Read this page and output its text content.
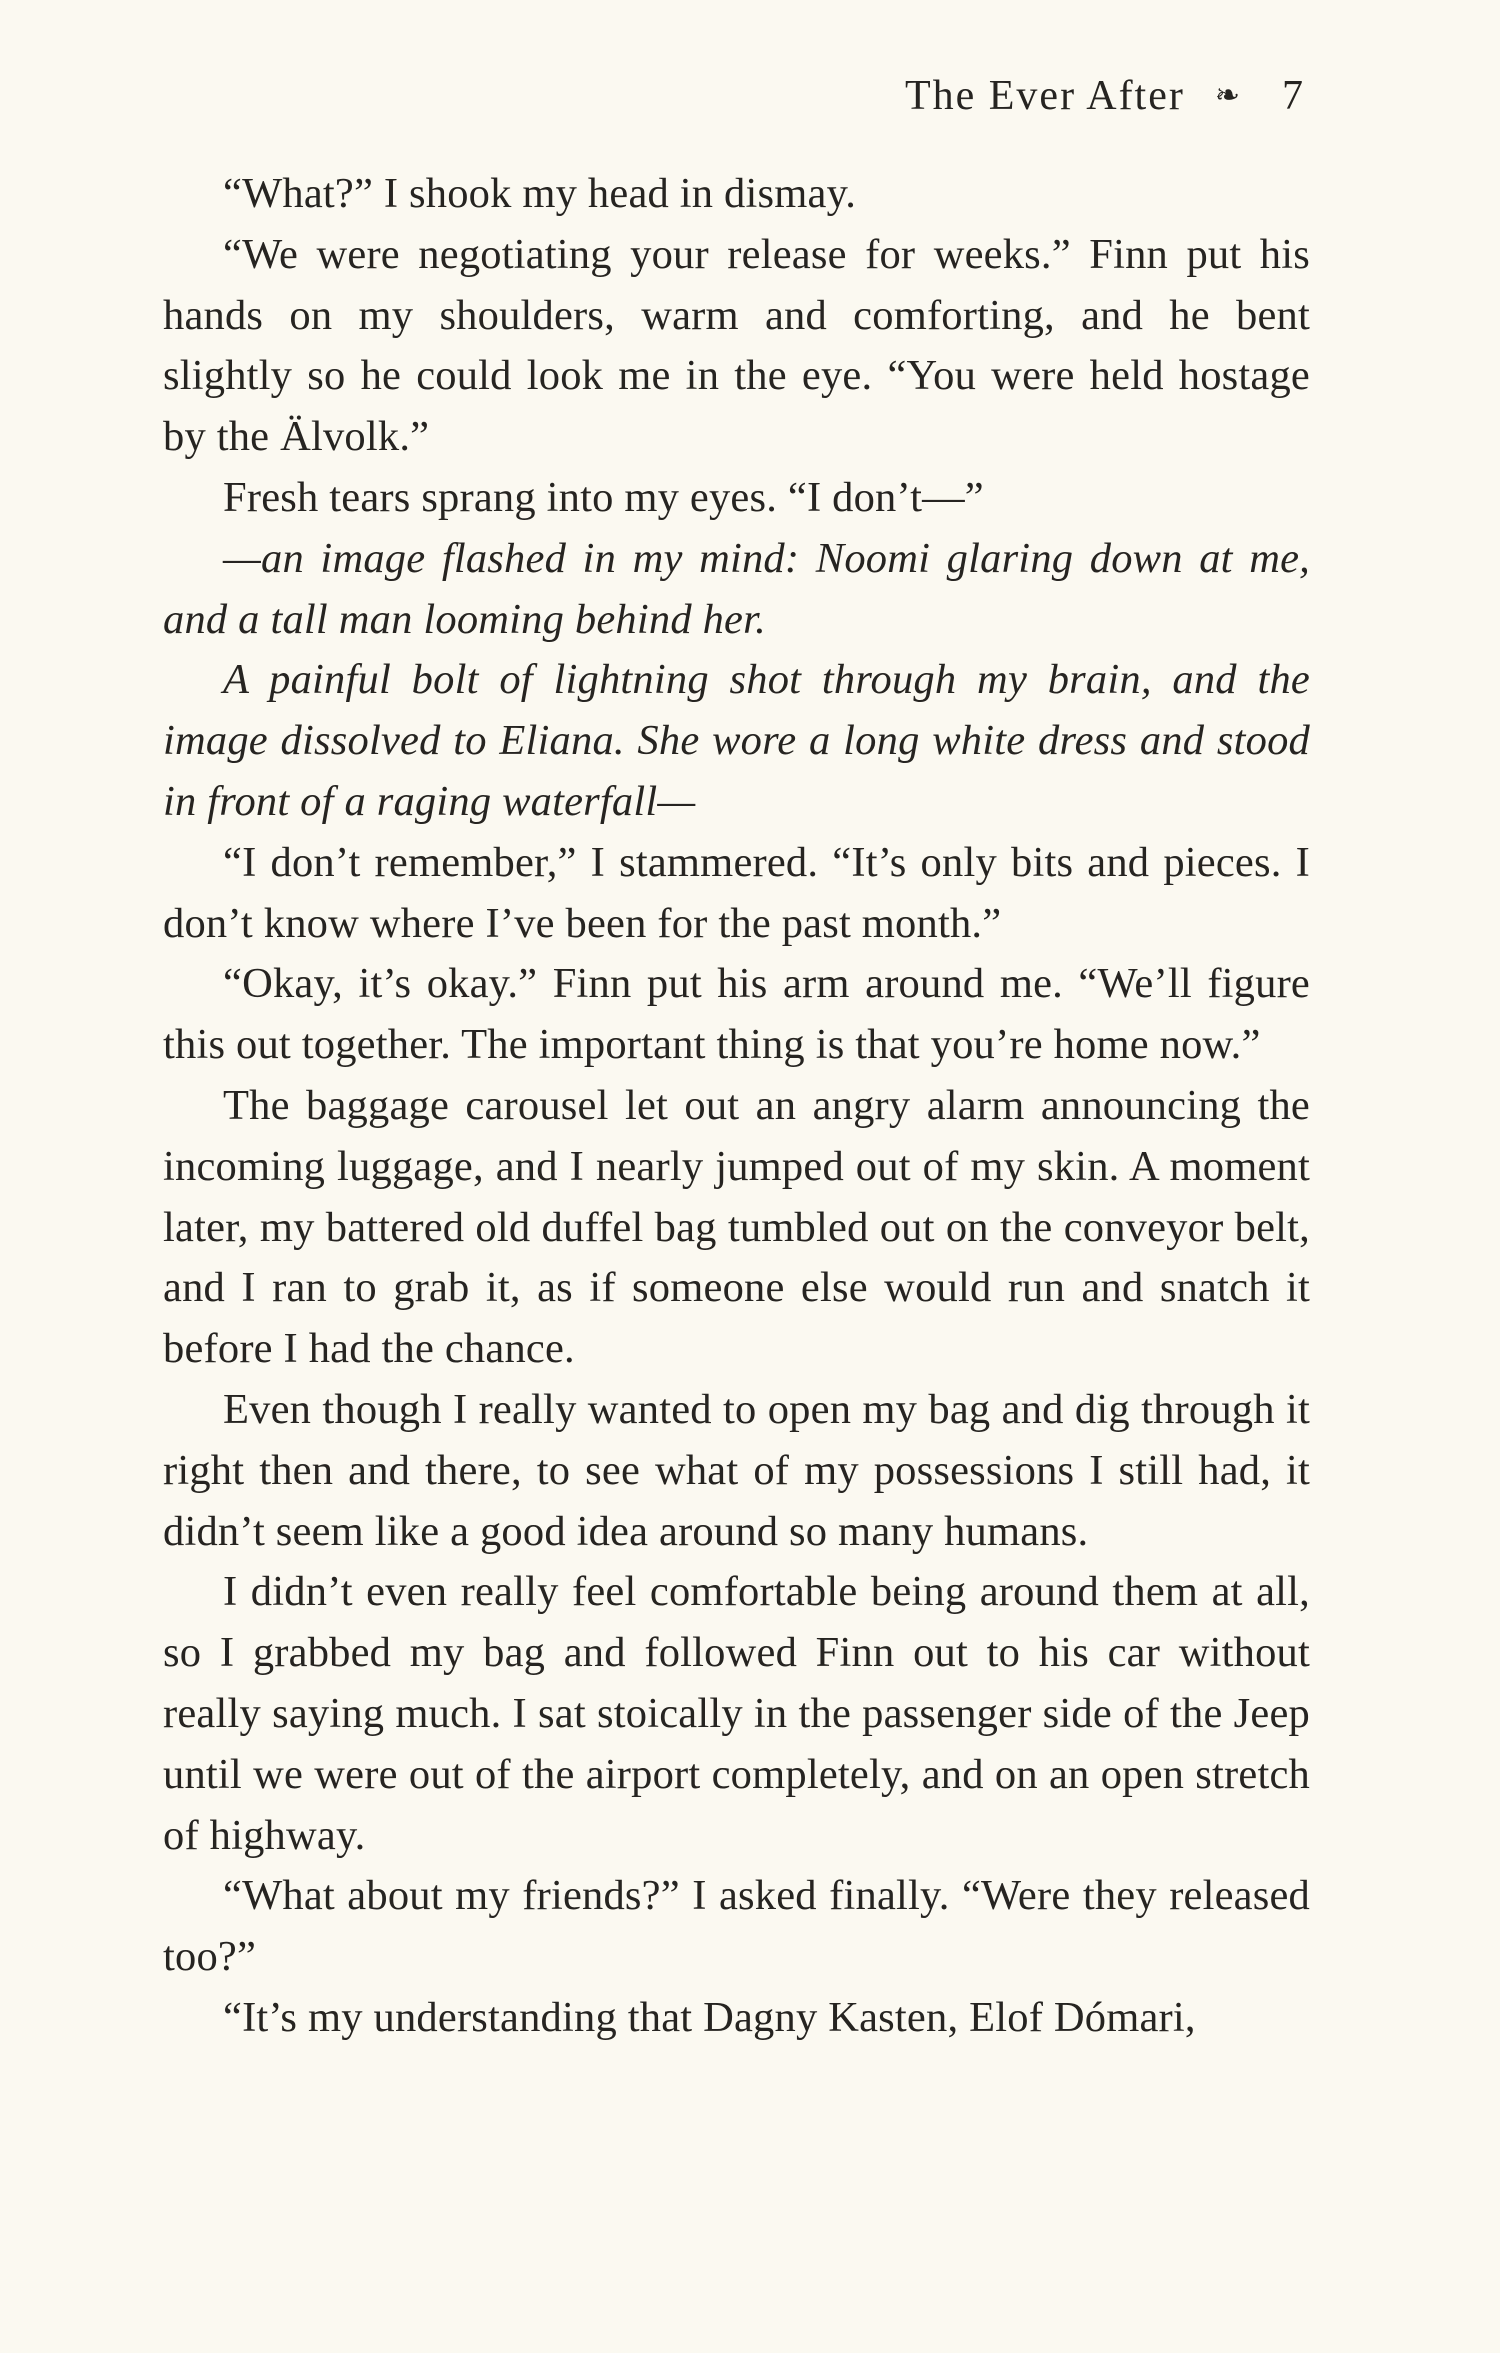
The Ever After ❧ 7

“What?” I shook my head in dismay.

“We were negotiating your release for weeks.” Finn put his hands on my shoulders, warm and comforting, and he bent slightly so he could look me in the eye. “You were held hostage by the Älvolk.”

Fresh tears sprang into my eyes. “I don’t—”

—an image flashed in my mind: Noomi glaring down at me, and a tall man looming behind her.

A painful bolt of lightning shot through my brain, and the image dissolved to Eliana. She wore a long white dress and stood in front of a raging waterfall—

“I don’t remember,” I stammered. “It’s only bits and pieces. I don’t know where I’ve been for the past month.”

“Okay, it’s okay.” Finn put his arm around me. “We’ll figure this out together. The important thing is that you’re home now.”

The baggage carousel let out an angry alarm announcing the incoming luggage, and I nearly jumped out of my skin. A moment later, my battered old duffel bag tumbled out on the conveyor belt, and I ran to grab it, as if someone else would run and snatch it before I had the chance.

Even though I really wanted to open my bag and dig through it right then and there, to see what of my possessions I still had, it didn’t seem like a good idea around so many humans.

I didn’t even really feel comfortable being around them at all, so I grabbed my bag and followed Finn out to his car without really saying much. I sat stoically in the passenger side of the Jeep until we were out of the airport completely, and on an open stretch of highway.

“What about my friends?” I asked finally. “Were they released too?”

“It’s my understanding that Dagny Kasten, Elof Dómari,
